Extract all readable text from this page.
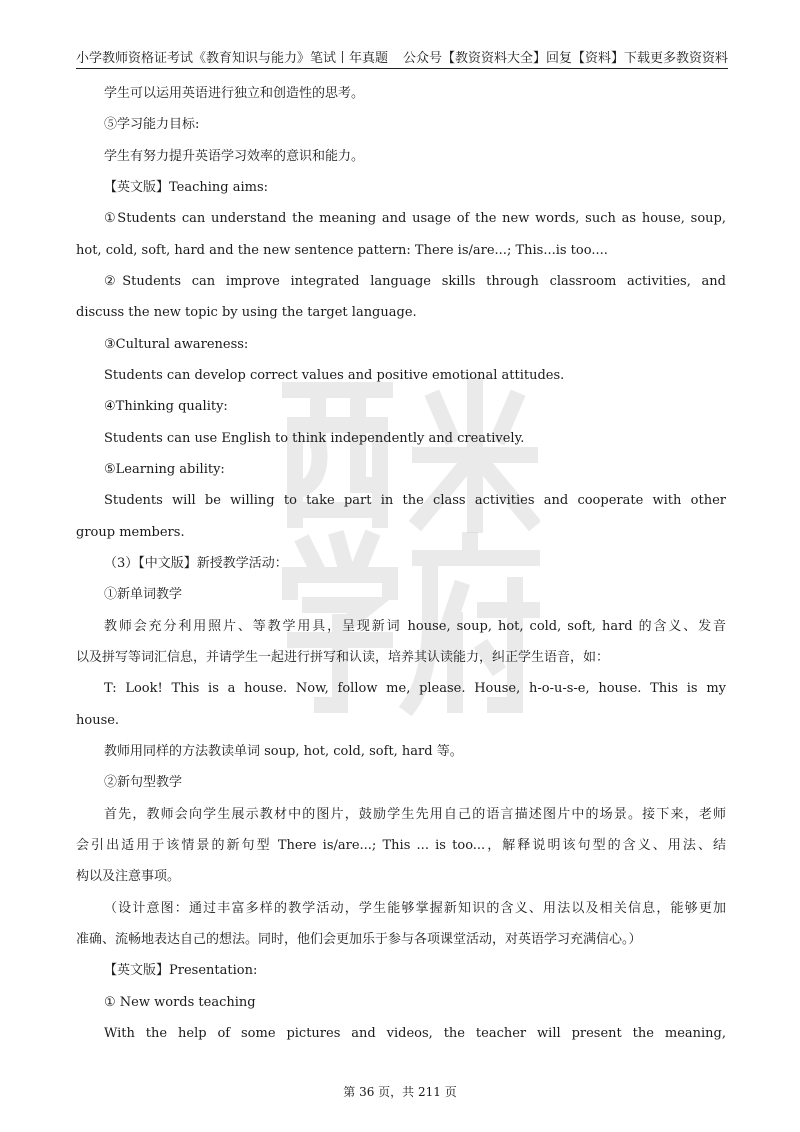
小学教师资格证考试《教育知识与能力》笔试丨年真题 公众号【教资资料大全】回复【资料】下载更多教资资料
学生可以运用英语进行独立和创造性的思考。
⑤学习能力目标:
学生有努力提升英语学习效率的意识和能力。
【英文版】Teaching aims:
①Students can understand the meaning and usage of the new words, such as house, soup,
hot, cold, soft, hard and the new sentence pattern: There is/are...; This...is too....
②Students can improve integrated language skills through classroom activities, and
discuss the new topic by using the target language.
③Cultural awareness:
Students can develop correct values and positive emotional attitudes.
④Thinking quality:
Students can use English to think independently and creatively.
⑤Learning ability:
Students will be willing to take part in the class activities and cooperate with other
group members.
（3）【中文版】新授教学活动：
①新单词教学
教师会充分利用照片、等教学用具，呈现新词 house, soup, hot, cold, soft, hard 的含义、发音
以及拼写等词汇信息，并请学生一起进行拼写和认读，培养其认读能力，纠正学生语音，如：
T: Look! This is a house. Now, follow me, please. House, h-o-u-s-e, house. This is my
house.
教师用同样的方法教读单词 soup, hot, cold, soft, hard 等。
②新句型教学
首先，教师会向学生展示教材中的图片，鼓励学生先用自己的语言描述图片中的场景。接下来，老师
会引出适用于该情景的新句型 There is/are...; This ... is too...，解释说明该句型的含义、用法、结
构以及注意事项。
（设计意图：通过丰富多样的教学活动，学生能够掌握新知识的含义、用法以及相关信息，能够更加
准确、流畅地表达自己的想法。同时，他们会更加乐于参与各项课堂活动，对英语学习充满信心。）
【英文版】Presentation:
① New words teaching
With the help of some pictures and videos, the teacher will present the meaning,
第 36 页，共 211 页
